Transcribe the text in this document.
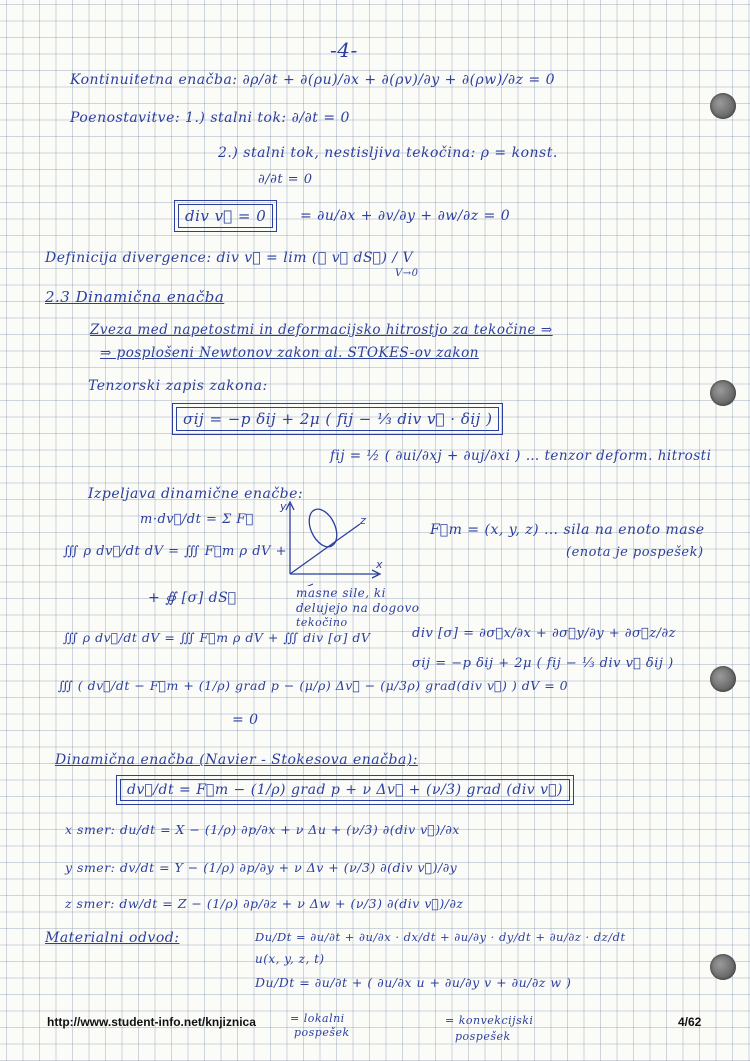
-4-
Kontinuitetna enačba: ∂ρ/∂t + ∂(ρu)/∂x + ∂(ρv)/∂y + ∂(ρw)/∂z = 0
Poenostavitve: 1.) stalni tok: ∂/∂t = 0
2.) stalni tok, nestisljiva tekočina: ρ = konst.
∂/∂t = 0
div v⃗ = 0	= ∂u/∂x + ∂v/∂y + ∂w/∂z = 0
Definicija divergence: div v⃗ = lim (∯ v⃗ dS⃗) / V
V→0
2.3 Dinamična enačba
Zveza med napetostmi in deformacijsko hitrostjo za tekočine ⇒
⇒ posplošeni Newtonov zakon al. STOKES-ov zakon
Tenzorski zapis zakona:
σij = −p δij + 2μ ( fij − ⅓ div v⃗ · δij )
fij = ½ ( ∂ui/∂xj + ∂uj/∂xi ) … tenzor deform. hitrosti
Izpeljava dinamične enačbe:
m·dv⃗/dt = Σ F⃗
∭ ρ dv⃗/dt dV = ∭ F⃗m ρ dV +
+ ∯ [σ] dS⃗
F⃗m = (x, y, z) … sila na enoto mase
(enota je pospešek)
y
x
z
masne sile, ki
delujejo na dogovo
tekočino
∭ ρ dv⃗/dt dV = ∭ F⃗m ρ dV + ∭ div [σ] dV	div [σ] = ∂σ⃗x/∂x + ∂σ⃗y/∂y + ∂σ⃗z/∂z
σij = −p δij + 2μ ( fij − ⅓ div v⃗ δij )
∭ ( dv⃗/dt − F⃗m + (1/ρ) grad p − (μ/ρ) Δv⃗ − (μ/3ρ) grad(div v⃗) ) dV = 0
= 0
Dinamična enačba (Navier - Stokesova enačba):
dv⃗/dt = F⃗m − (1/ρ) grad p + ν Δv⃗ + (ν/3) grad (div v⃗)
x smer: du/dt = X − (1/ρ) ∂p/∂x + ν Δu + (ν/3) ∂(div v⃗)/∂x
y smer: dv/dt = Y − (1/ρ) ∂p/∂y + ν Δv + (ν/3) ∂(div v⃗)/∂y
z smer: dw/dt = Z − (1/ρ) ∂p/∂z + ν Δw + (ν/3) ∂(div v⃗)/∂z
Materialni odvod:	Du/Dt = ∂u/∂t + ∂u/∂x · dx/dt + ∂u/∂y · dy/dt + ∂u/∂z · dz/dt
u(x, y, z, t)
Du/Dt = ∂u/∂t + ( ∂u/∂x u + ∂u/∂y v + ∂u/∂z w )
= lokalni
pospešek
= konvekcijski
pospešek
http://www.student-info.net/knjiznica	4/62
